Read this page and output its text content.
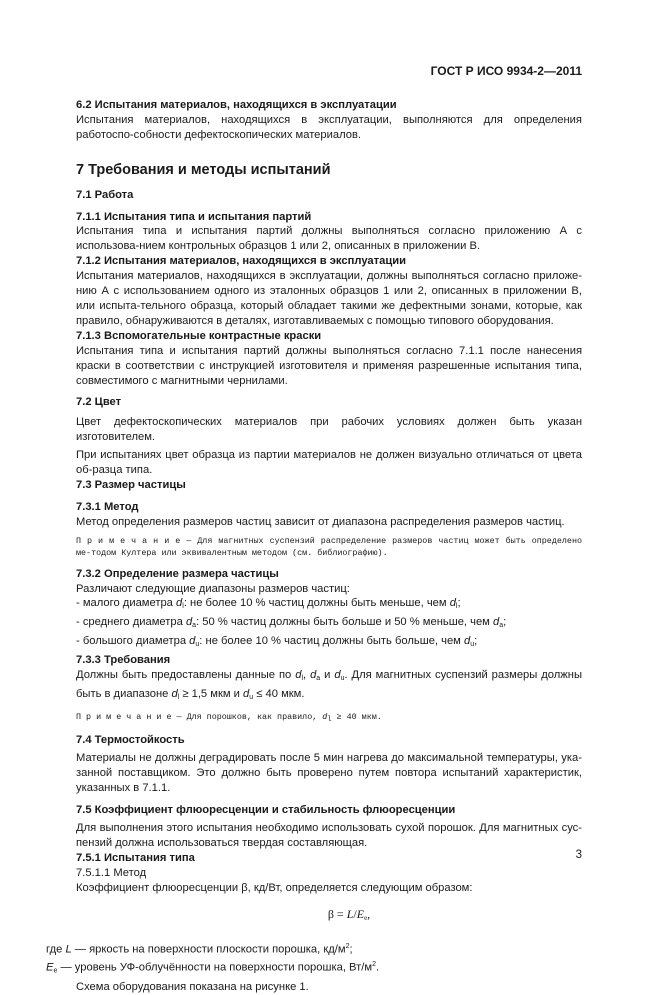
ГОСТ Р ИСО 9934-2—2011

6.2 Испытания материалов, находящихся в эксплуатации

Испытания материалов, находящихся в эксплуатации, выполняются для определения работоспо-собности дефектоскопических материалов.

7 Требования и методы испытаний

7.1 Работа

7.1.1 Испытания типа и испытания партий

Испытания типа и испытания партий должны выполняться согласно приложению А с использова-нием контрольных образцов 1 или 2, описанных в приложении В.

7.1.2 Испытания материалов, находящихся в эксплуатации

Испытания материалов, находящихся в эксплуатации, должны выполняться согласно приложе-нию А с использованием одного из эталонных образцов 1 или 2, описанных в приложении В, или испыта-тельного образца, который обладает такими же дефектными зонами, которые, как правило, обнаруживаются в деталях, изготавливаемых с помощью типового оборудования.

7.1.3 Вспомогательные контрастные краски

Испытания типа и испытания партий должны выполняться согласно 7.1.1 после нанесения краски в соответствии с инструкцией изготовителя и применяя разрешенные испытания типа, совместимого с магнитными чернилами.

7.2 Цвет

Цвет дефектоскопических материалов при рабочих условиях должен быть указан изготовителем.

При испытаниях цвет образца из партии материалов не должен визуально отличаться от цвета об-разца типа.

7.3 Размер частицы

7.3.1 Метод

Метод определения размеров частиц зависит от диапазона распределения размеров частиц.

П р и м е ч а н и е — Для магнитных суспензий распределение размеров частиц может быть определено ме-тодом Култера или эквивалентным методом (см. библиографию).

7.3.2 Определение размера частицы

Различают следующие диапазоны размеров частиц:

- малого диаметра $d_l$: не более 10 % частиц должны быть меньше, чем $d_l$;

- среднего диаметра $d_a$: 50 % частиц должны быть больше и 50 % меньше, чем $d_a$;

- большого диаметра $d_u$: не более 10 % частиц должны быть больше, чем $d_u$;

7.3.3 Требования

Должны быть предоставлены данные по $d_l$, $d_a$ и $d_u$. Для магнитных суспензий размеры должны быть в диапазоне $d_l \ge 1,5$ мкм и $d_u \le 40$ мкм.

П р и м е ч а н и е — Для порошков, как правило, $d_l \ge 40$ мкм.

7.4 Термостойкость

Материалы не должны деградировать после 5 мин нагрева до максимальной температуры, ука-занной поставщиком. Это должно быть проверено путем повтора испытаний характеристик, указанных в 7.1.1.

7.5 Коэффициент флюоресценции и стабильность флюоресценции

Для выполнения этого испытания необходимо использовать сухой порошок. Для магнитных сус-пензий должна использоваться твердая составляющая.

7.5.1 Испытания типа

7.5.1.1 Метод

Коэффициент флюоресценции β, кд/Вт, определяется следующим образом:

$\beta = L/E_e$,

где L — яркость на поверхности плоскости порошка, $кд/м^2$;

$E_e$ — уровень УФ-облучённости на поверхности порошка, $Вт/м^2$.

Схема оборудования показана на рисунке 1.

3
